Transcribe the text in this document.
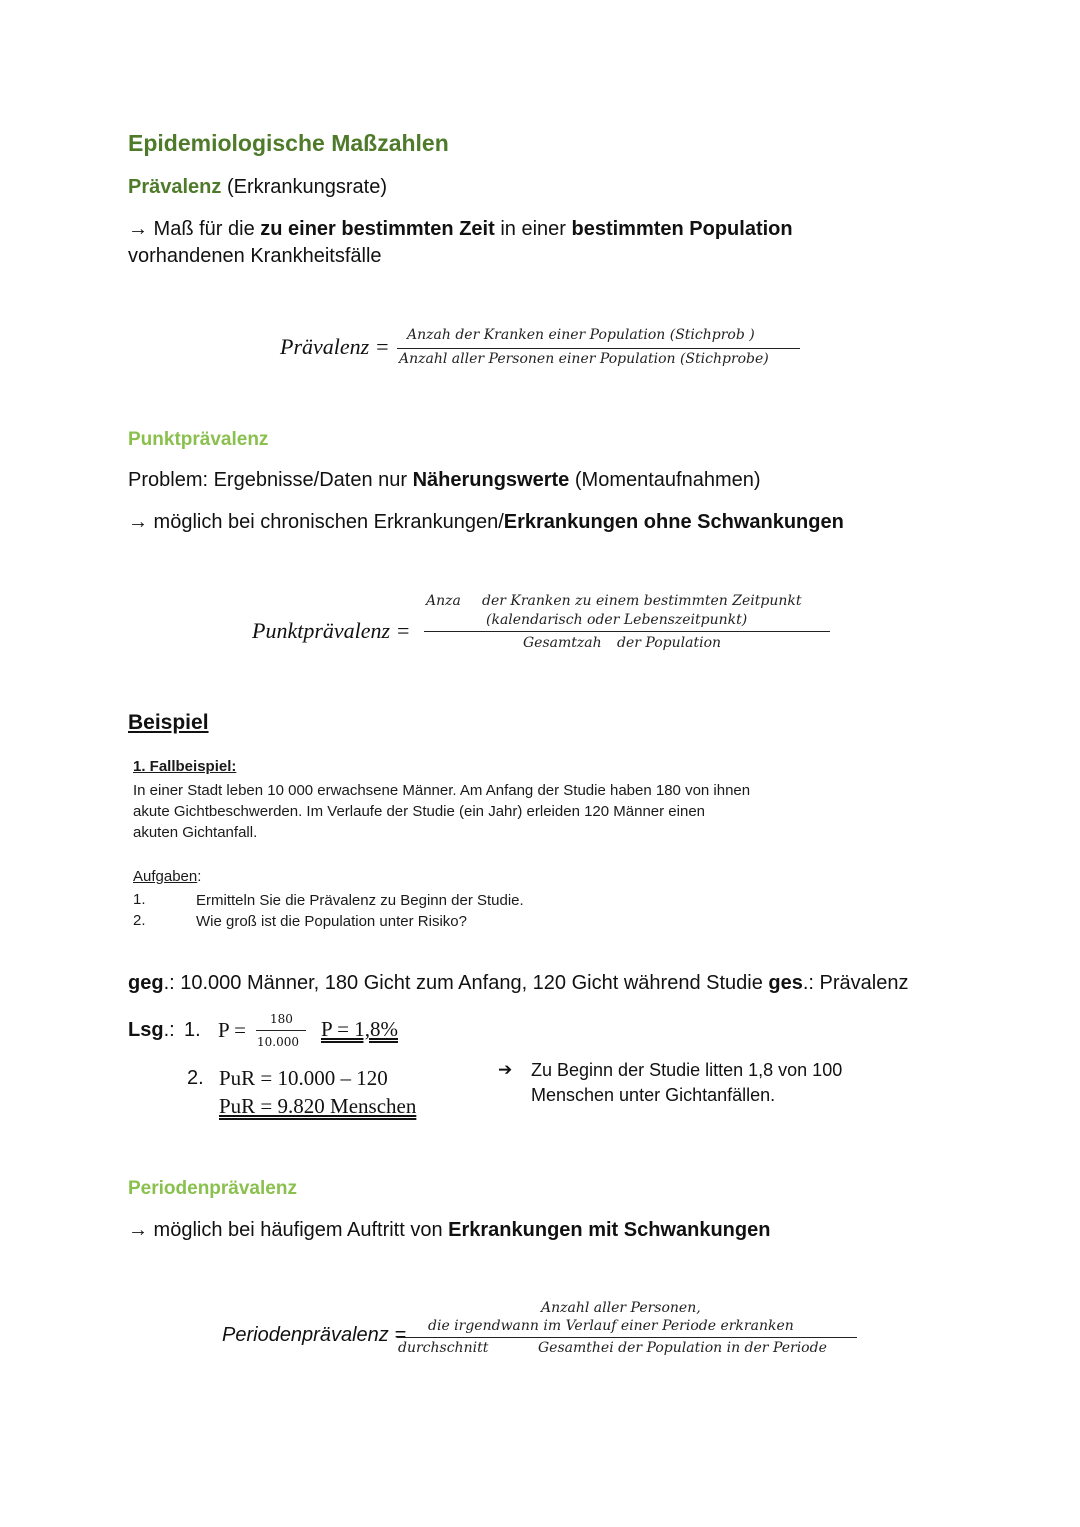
Epidemiologische Maßzahlen
Prävalenz (Erkrankungsrate)
→ Maß für die zu einer bestimmten Zeit in einer bestimmten Population
vorhandenen Krankheitsfälle
Prävalenz = Anzah der Kranken einer Population (Stichprob )
Anzahl aller Personen einer Population (Stichprobe)
Punktprävalenz
Problem: Ergebnisse/Daten nur Näherungswerte (Momentaufnahmen)
→ möglich bei chronischen Erkrankungen/Erkrankungen ohne Schwankungen
Punktprävalenz =
Anza der Kranken zu einem bestimmten Zeitpunkt
(kalendarisch oder Lebenszeitpunkt)
Gesamtzah der Population
Beispiel
1. Fallbeispiel:
In einer Stadt leben 10 000 erwachsene Männer. Am Anfang der Studie haben 180 von ihnen
akute Gichtbeschwerden. Im Verlaufe der Studie (ein Jahr) erleiden 120 Männer einen
akuten Gichtanfall.
Aufgaben:
1.	Ermitteln Sie die Prävalenz zu Beginn der Studie.
2.	Wie groß ist die Population unter Risiko?
geg.: 10.000 Männer, 180 Gicht zum Anfang, 120 Gicht während Studie ges.: Prävalenz
Lsg.: 1. P = 180
10.000
P = 1,8%
2. PuR = 10.000 – 120
PuR = 9.820 Menschen
➔ Zu Beginn der Studie litten 1,8 von 100
Menschen unter Gichtanfällen.
Periodenprävalenz
→ möglich bei häufigem Auftritt von Erkrankungen mit Schwankungen
Periodenprävalenz =
Anzahl aller Personen,
die irgendwann im Verlauf einer Periode erkranken
durchschnitt	Gesamthei der Population in der Periode
